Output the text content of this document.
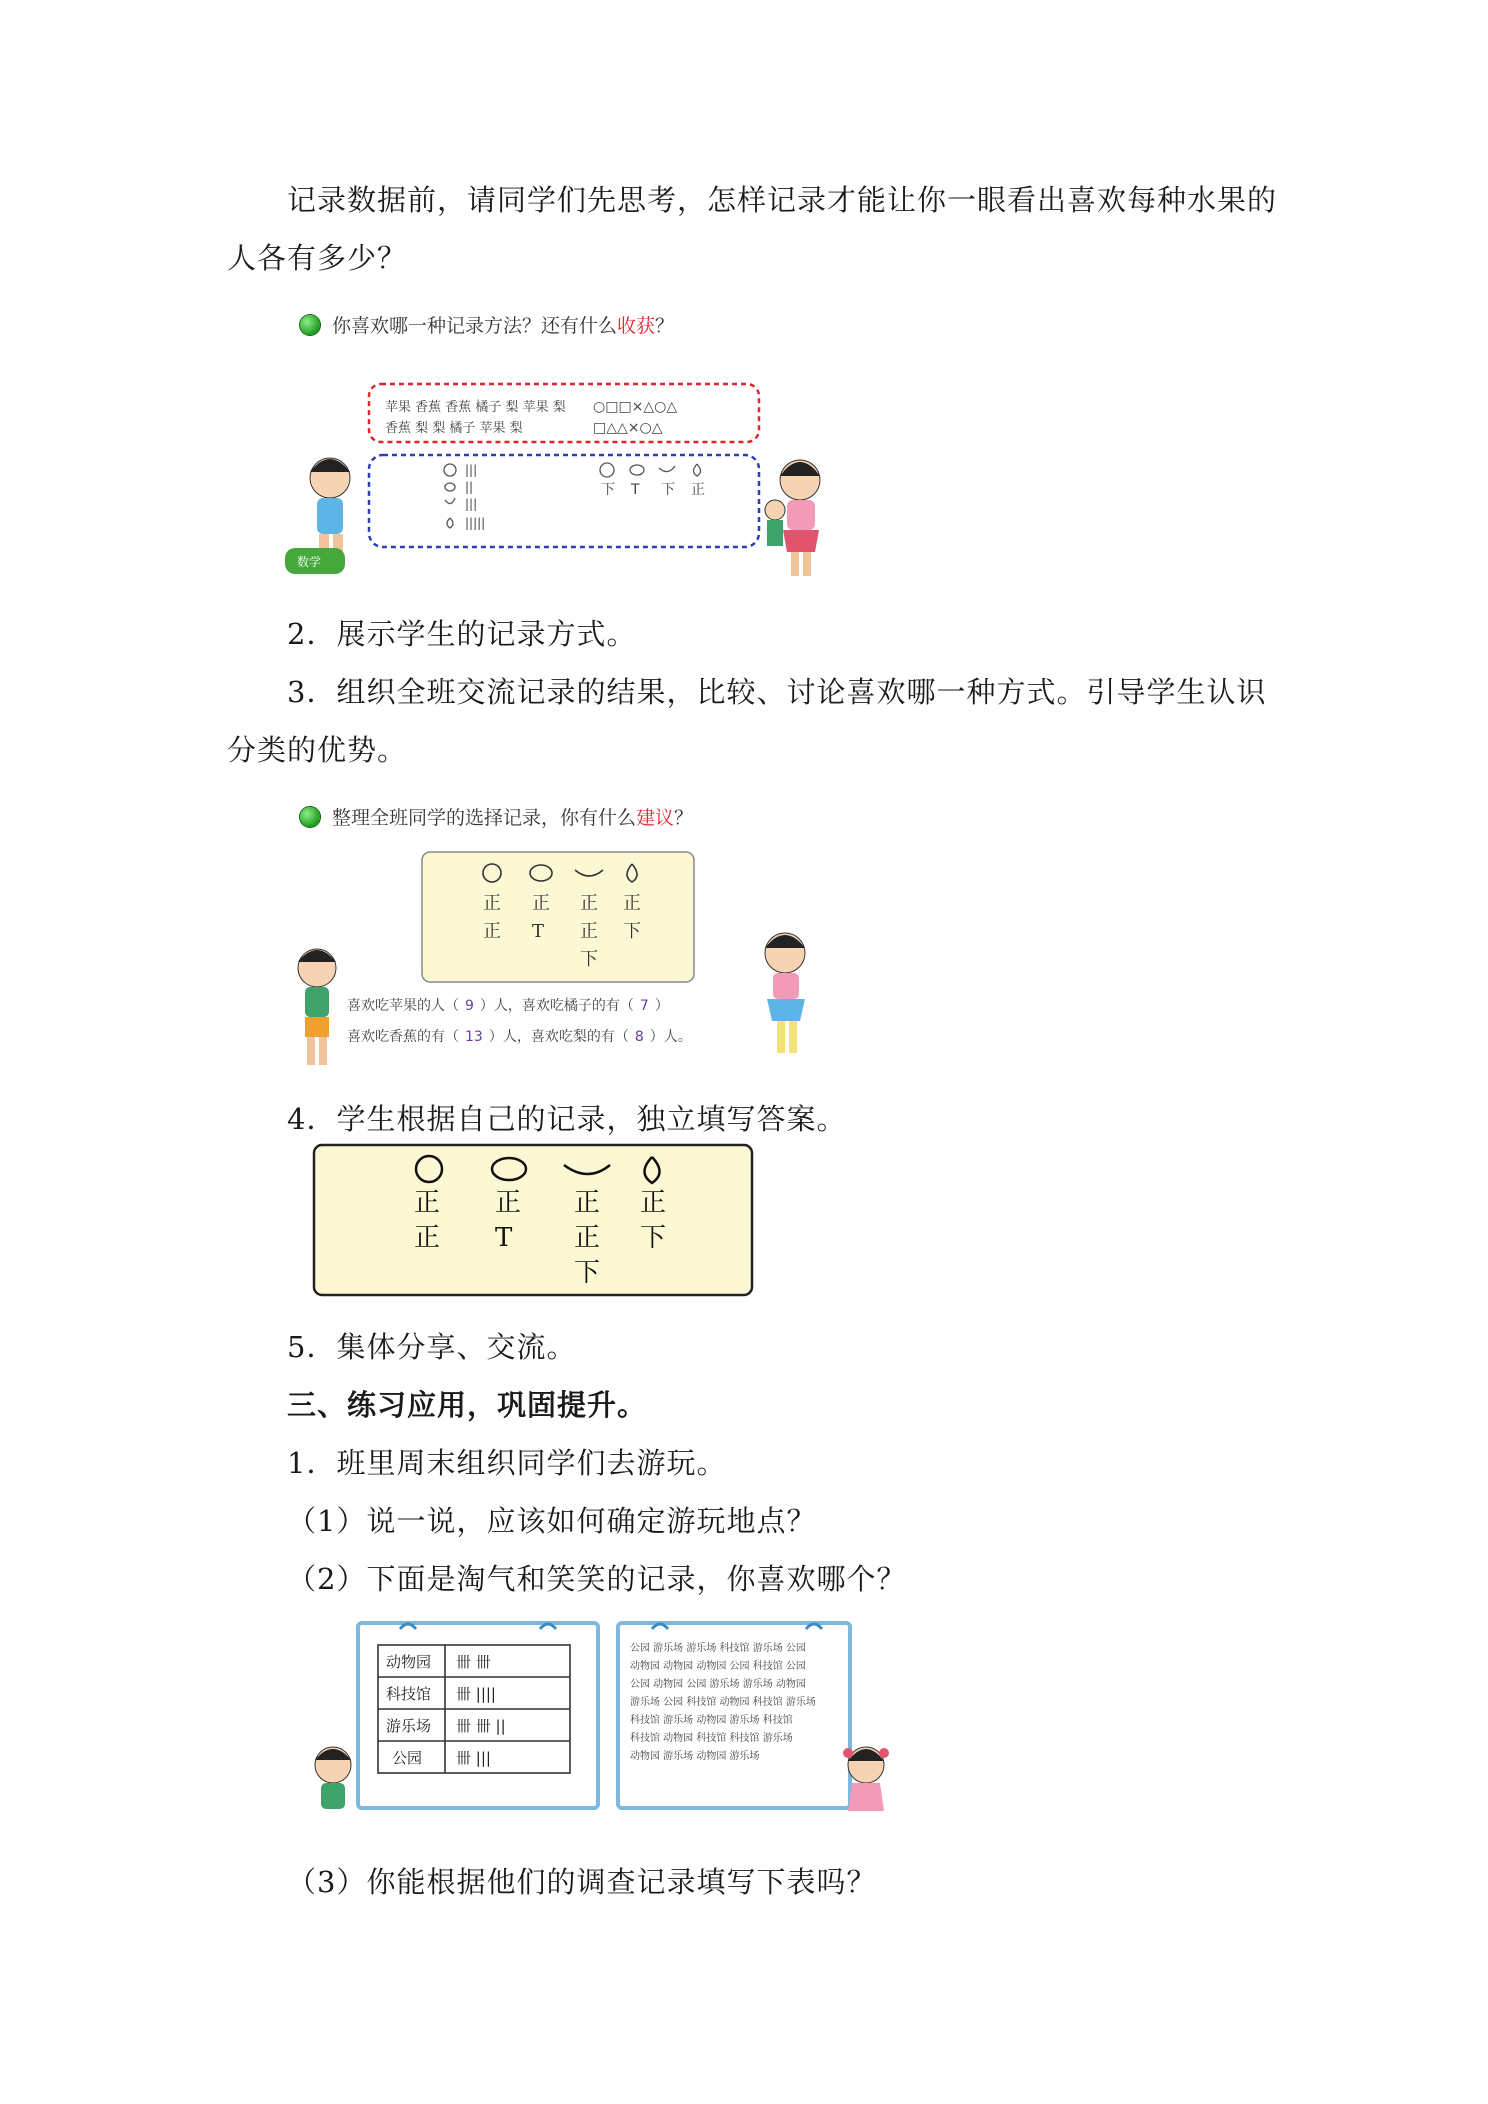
记录数据前，请同学们先思考，怎样记录才能让你一眼看出喜欢每种水果的
人各有多少？
你喜欢哪一种记录方法？还有什么 收获 ？
苹果 香蕉 香蕉 橘子 梨 苹果 梨
香蕉 梨 梨 橘子 苹果 梨
○□□×△○△
□△△×○△
|||
||
|||
|||||
下 T 下 正
数学
2．展示学生的记录方式。
3．组织全班交流记录的结果，比较、讨论喜欢哪一种方式。引导学生认识
分类的优势。
整理全班同学的选择记录，你有什么 建议 ？
正
正
正
T
正
正
下
正
下
喜欢吃苹果的人（ 9 ）人，喜欢吃橘子的有（ 7 ）
喜欢吃香蕉的有（ 13 ）人，喜欢吃梨的有（ 8 ）人。
4．学生根据自己的记录，独立填写答案。
正
正
正
T
正
正
下
正
下
5．集体分享、交流。
三、练习应用，巩固提升。
1．班里周末组织同学们去游玩。
（1）说一说，应该如何确定游玩地点？
（2）下面是淘气和笑笑的记录，你喜欢哪个？
动物园 卌 卌
科技馆 卌 ||||
游乐场 卌 卌 ||
公园 卌 |||
公园 游乐场 游乐场 科技馆 游乐场 公园
动物园 动物园 动物园 公园 科技馆 公园
公园 动物园 公园 游乐场 游乐场 动物园
游乐场 公园 科技馆 动物园 科技馆 游乐场
科技馆 游乐场 动物园 游乐场 科技馆
科技馆 动物园 科技馆 科技馆 游乐场
动物园 游乐场 动物园 游乐场
（3）你能根据他们的调查记录填写下表吗？
